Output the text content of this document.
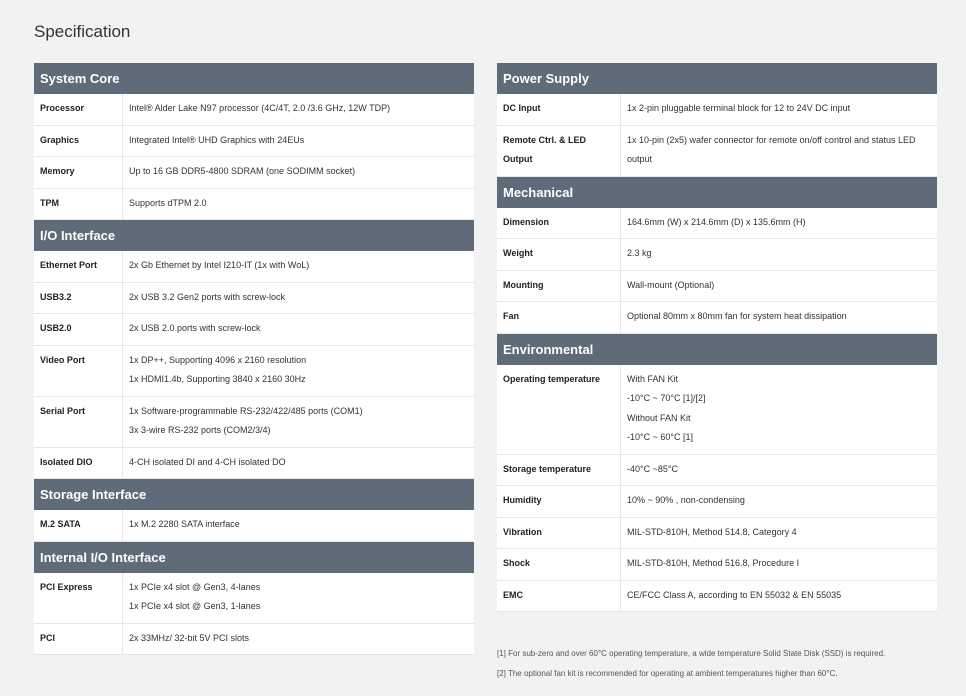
Specification
System Core
Processor	Intel® Alder Lake N97 processor (4C/4T, 2.0 /3.6 GHz, 12W TDP)

Graphics	Integrated Intel® UHD Graphics with 24EUs

Memory	Up to 16 GB DDR5-4800 SDRAM (one SODIMM socket)

TPM	Supports dTPM 2.0
I/O Interface
Ethernet Port	2x Gb Ethernet by Intel I210-IT (1x with WoL)

USB3.2	2x USB 3.2 Gen2 ports with screw-lock

USB2.0	2x USB 2.0 ports with screw-lock

Video Port	1x DP++, Supporting 4096 x 2160 resolution
1x HDMI1.4b, Supporting 3840 x 2160 30Hz

Serial Port	1x Software-programmable RS-232/422/485 ports (COM1)
3x 3-wire RS-232 ports (COM2/3/4)

Isolated DIO	4-CH isolated DI and 4-CH isolated DO
Storage Interface
M.2 SATA	1x M.2 2280 SATA interface
Internal I/O Interface
PCI Express	1x PCIe x4 slot @ Gen3, 4-lanes
1x PCIe x4 slot @ Gen3, 1-lanes

PCI	2x 33MHz/ 32-bit 5V PCI slots
Power Supply
DC Input	1x 2-pin pluggable terminal block for 12 to 24V DC input

Remote Ctrl. & LED Output	1x 10-pin (2x5) wafer connector for remote on/off control and status LED output
Mechanical
Dimension	164.6mm (W) x 214.6mm (D) x 135.6mm (H)

Weight	2.3 kg

Mounting	Wall-mount (Optional)

Fan	Optional 80mm x 80mm fan for system heat dissipation
Environmental
Operating temperature	With FAN Kit
-10°C ~ 70°C [1]/[2]
Without FAN Kit
-10°C ~ 60°C [1]

Storage temperature	-40°C ~85°C

Humidity	10% ~ 90% , non-condensing

Vibration	MIL-STD-810H, Method 514.8, Category 4

Shock	MIL-STD-810H, Method 516.8, Procedure I

EMC	CE/FCC Class A, according to EN 55032 & EN 55035
[1] For sub-zero and over 60°C operating temperature, a wide temperature Solid State Disk (SSD) is required.
[2] The optional fan kit is recommended for operating at ambient temperatures higher than 60°C.
